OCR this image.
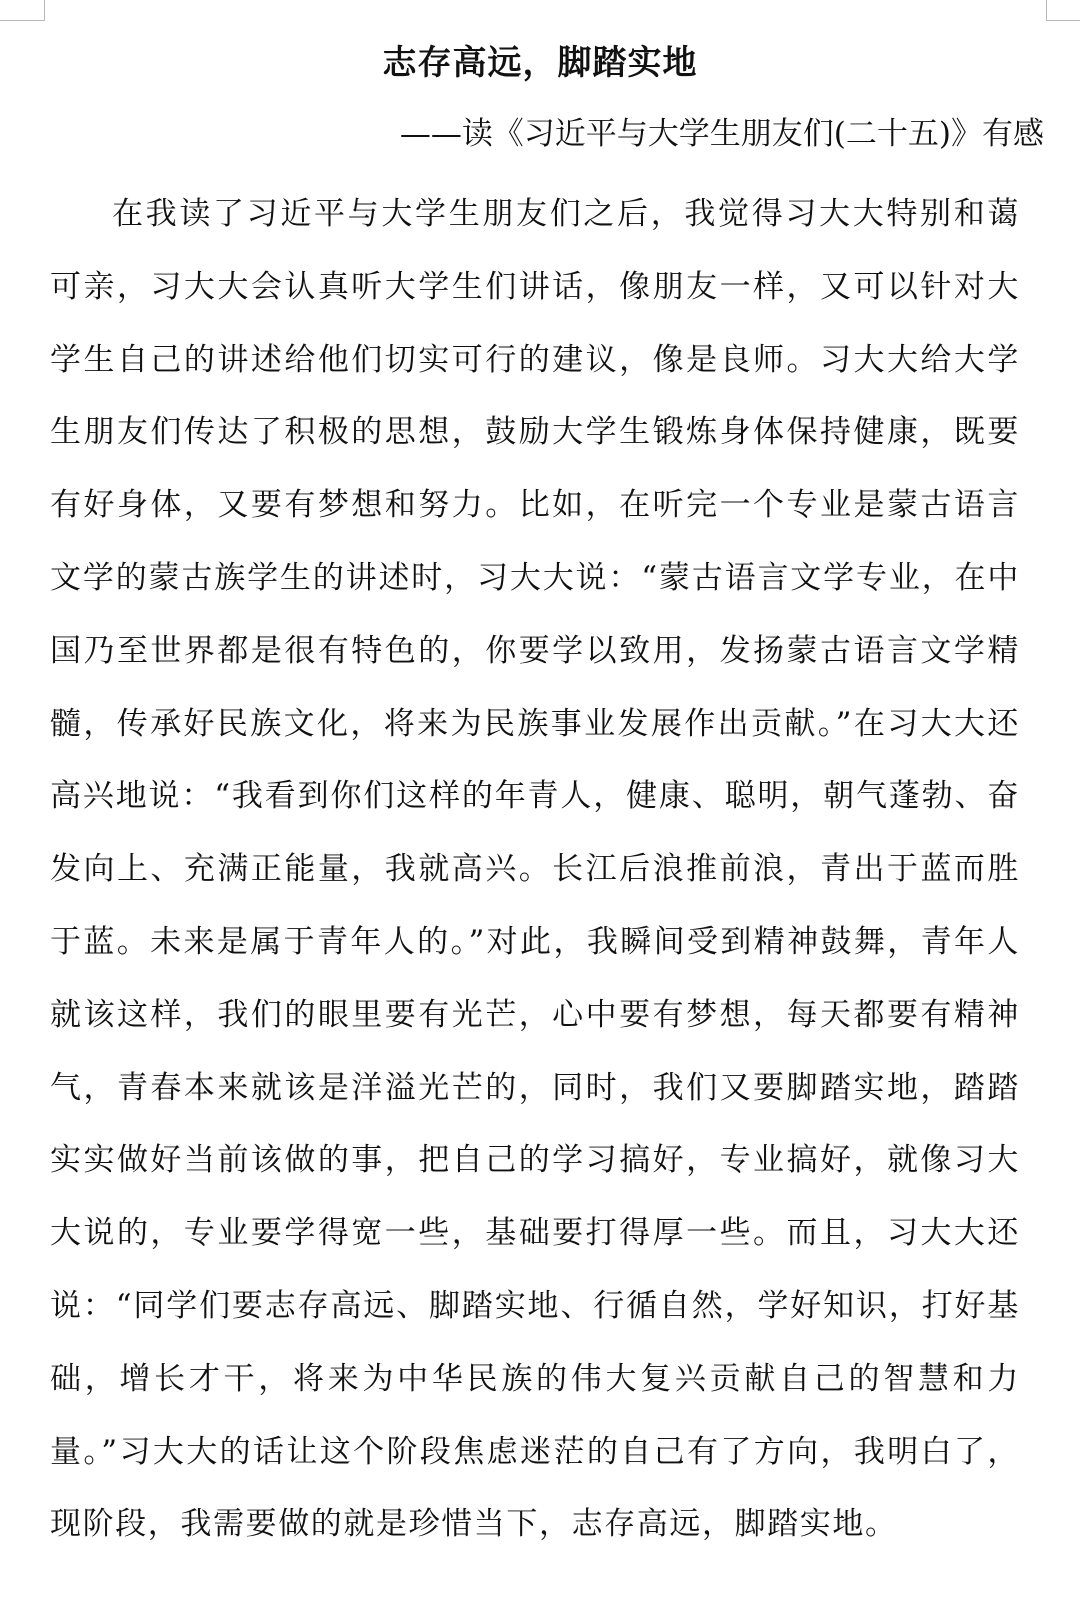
志存高远，脚踏实地
——读《习近平与大学生朋友们(二十五)》有感

在我读了习近平与大学生朋友们之后，我觉得习大大特别和蔼可亲，习大大会认真听大学生们讲话，像朋友一样，又可以针对大学生自己的讲述给他们切实可行的建议，像是良师。习大大给大学生朋友们传达了积极的思想，鼓励大学生锻炼身体保持健康，既要有好身体，又要有梦想和努力。比如，在听完一个专业是蒙古语言文学的蒙古族学生的讲述时，习大大说：“蒙古语言文学专业，在中国乃至世界都是很有特色的，你要学以致用，发扬蒙古语言文学精髓，传承好民族文化，将来为民族事业发展作出贡献。”在习大大还高兴地说：“我看到你们这样的年青人，健康、聪明，朝气蓬勃、奋发向上、充满正能量，我就高兴。长江后浪推前浪，青出于蓝而胜于蓝。未来是属于青年人的。”对此，我瞬间受到精神鼓舞，青年人就该这样，我们的眼里要有光芒，心中要有梦想，每天都要有精神气，青春本来就该是洋溢光芒的，同时，我们又要脚踏实地，踏踏实实做好当前该做的事，把自己的学习搞好，专业搞好，就像习大大说的，专业要学得宽一些，基础要打得厚一些。而且，习大大还说：“同学们要志存高远、脚踏实地、行循自然，学好知识，打好基础，增长才干，将来为中华民族的伟大复兴贡献自己的智慧和力量。”习大大的话让这个阶段焦虑迷茫的自己有了方向，我明白了，现阶段，我需要做的就是珍惜当下，志存高远，脚踏实地。
